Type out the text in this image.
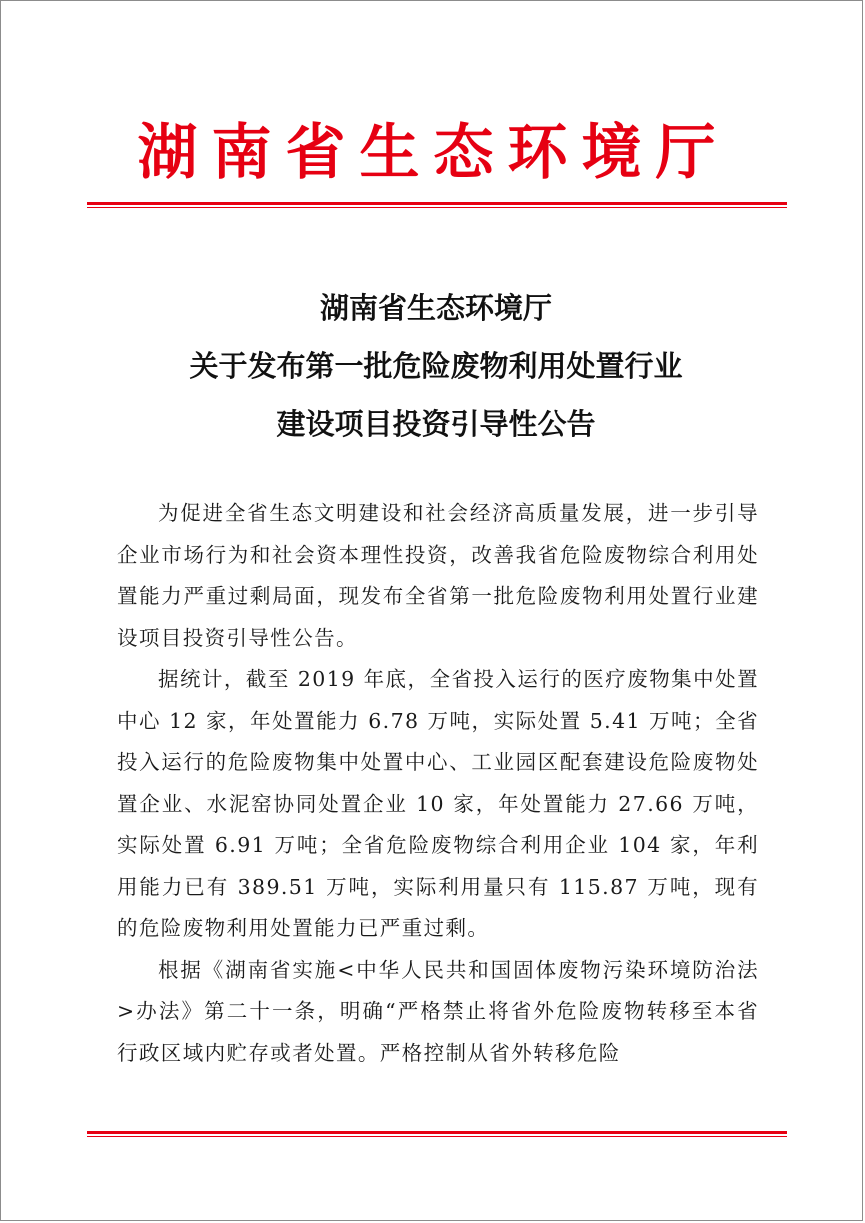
湖南省生态环境厅
湖南省生态环境厅
关于发布第一批危险废物利用处置行业
建设项目投资引导性公告

为促进全省生态文明建设和社会经济高质量发展，进一步引导企业市场行为和社会资本理性投资，改善我省危险废物综合利用处置能力严重过剩局面，现发布全省第一批危险废物利用处置行业建设项目投资引导性公告。

据统计，截至 2019 年底，全省投入运行的医疗废物集中处置中心 12 家，年处置能力 6.78 万吨，实际处置 5.41 万吨；全省投入运行的危险废物集中处置中心、工业园区配套建设危险废物处置企业、水泥窑协同处置企业 10 家，年处置能力 27.66 万吨，实际处置 6.91 万吨；全省危险废物综合利用企业 104 家，年利用能力已有 389.51 万吨，实际利用量只有 115.87 万吨，现有的危险废物利用处置能力已严重过剩。

根据《湖南省实施<中华人民共和国固体废物污染环境防治法>办法》第二十一条，明确“严格禁止将省外危险废物转移至本省行政区域内贮存或者处置。严格控制从省外转移危险
